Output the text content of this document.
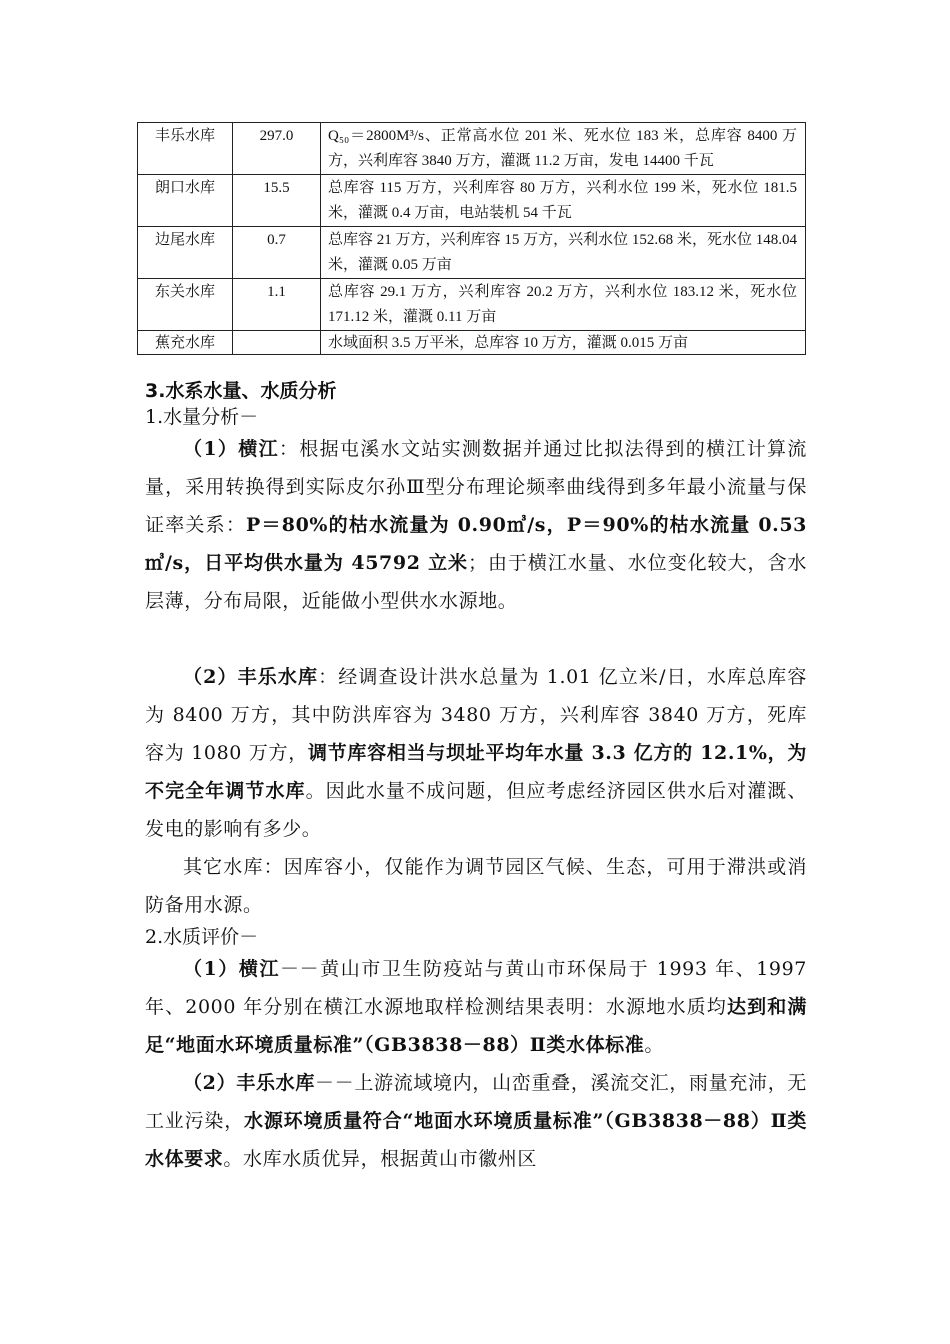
丰乐水库	297.0	Q₅₀＝2800M³/s、正常高水位 201 米、死水位 183 米，总库容 8400 万方，兴利库容 3840 万方，灌溉 11.2 万亩，发电 14400 千瓦
朗口水库	15.5	总库容 115 万方，兴利库容 80 万方，兴利水位 199 米，死水位 181.5 米，灌溉 0.4 万亩，电站装机 54 千瓦
边尾水库	0.7	总库容 21 万方，兴利库容 15 万方，兴利水位 152.68 米，死水位 148.04 米，灌溉 0.05 万亩
东关水库	1.1	总库容 29.1 万方，兴利库容 20.2 万方，兴利水位 183.12 米，死水位 171.12 米，灌溉 0.11 万亩
蕉充水库		水域面积 3.5 万平米，总库容 10 万方，灌溉 0.015 万亩
3.水系水量、水质分析
1.水量分析－

（1）横江：根据屯溪水文站实测数据并通过比拟法得到的横江计算流量，采用转换得到实际皮尔孙Ⅲ型分布理论频率曲线得到多年最小流量与保证率关系：P＝80%的枯水流量为 0.90㎥/s，P＝90%的枯水流量 0.53 ㎥/s，日平均供水量为 45792 立米；由于横江水量、水位变化较大，含水层薄，分布局限，近能做小型供水水源地。

（2）丰乐水库：经调查设计洪水总量为 1.01 亿立米/日，水库总库容为 8400 万方，其中防洪库容为 3480 万方，兴利库容 3840 万方，死库容为 1080 万方，调节库容相当与坝址平均年水量 3.3 亿方的 12.1%，为不完全年调节水库。因此水量不成问题，但应考虑经济园区供水后对灌溉、发电的影响有多少。

其它水库：因库容小，仅能作为调节园区气候、生态，可用于滞洪或消防备用水源。

2.水质评价－

（1）横江－－黄山市卫生防疫站与黄山市环保局于 1993 年、1997 年、2000 年分别在横江水源地取样检测结果表明：水源地水质均达到和满足“地面水环境质量标准”（GB3838－88）Ⅱ类水体标准。

（2）丰乐水库－－上游流域境内，山峦重叠，溪流交汇，雨量充沛，无工业污染，水源环境质量符合“地面水环境质量标准”（GB3838－88）Ⅱ类水体要求。水库水质优异，根据黄山市徽州区
